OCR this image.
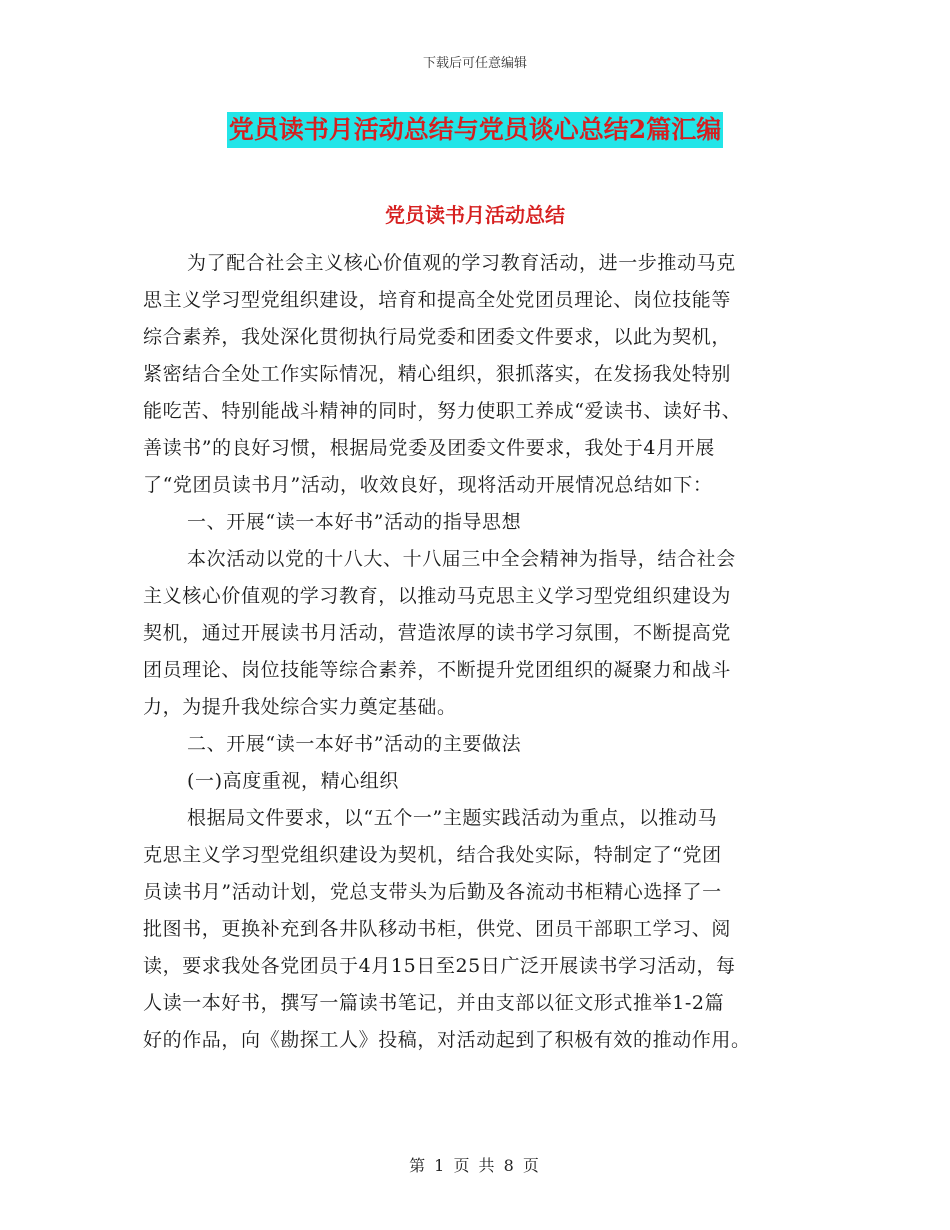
下载后可任意编辑
党员读书月活动总结与党员谈心总结2篇汇编
党员读书月活动总结
为了配合社会主义核心价值观的学习教育活动，进一步推动马克
思主义学习型党组织建设，培育和提高全处党团员理论、岗位技能等
综合素养，我处深化贯彻执行局党委和团委文件要求，以此为契机，
紧密结合全处工作实际情况，精心组织，狠抓落实，在发扬我处特别
能吃苦、特别能战斗精神的同时，努力使职工养成“爱读书、读好书、
善读书”的良好习惯，根据局党委及团委文件要求，我处于4月开展
了“党团员读书月”活动，收效良好，现将活动开展情况总结如下：
一、开展“读一本好书”活动的指导思想
本次活动以党的十八大、十八届三中全会精神为指导，结合社会
主义核心价值观的学习教育，以推动马克思主义学习型党组织建设为
契机，通过开展读书月活动，营造浓厚的读书学习氛围，不断提高党
团员理论、岗位技能等综合素养，不断提升党团组织的凝聚力和战斗
力，为提升我处综合实力奠定基础。
二、开展“读一本好书”活动的主要做法
(一)高度重视，精心组织
根据局文件要求，以“五个一”主题实践活动为重点，以推动马
克思主义学习型党组织建设为契机，结合我处实际，特制定了“党团
员读书月”活动计划，党总支带头为后勤及各流动书柜精心选择了一
批图书，更换补充到各井队移动书柜，供党、团员干部职工学习、阅
读，要求我处各党团员于4月15日至25日广泛开展读书学习活动，每
人读一本好书，撰写一篇读书笔记，并由支部以征文形式推举1-2篇
好的作品，向《勘探工人》投稿，对活动起到了积极有效的推动作用。
第 1 页 共 8 页
